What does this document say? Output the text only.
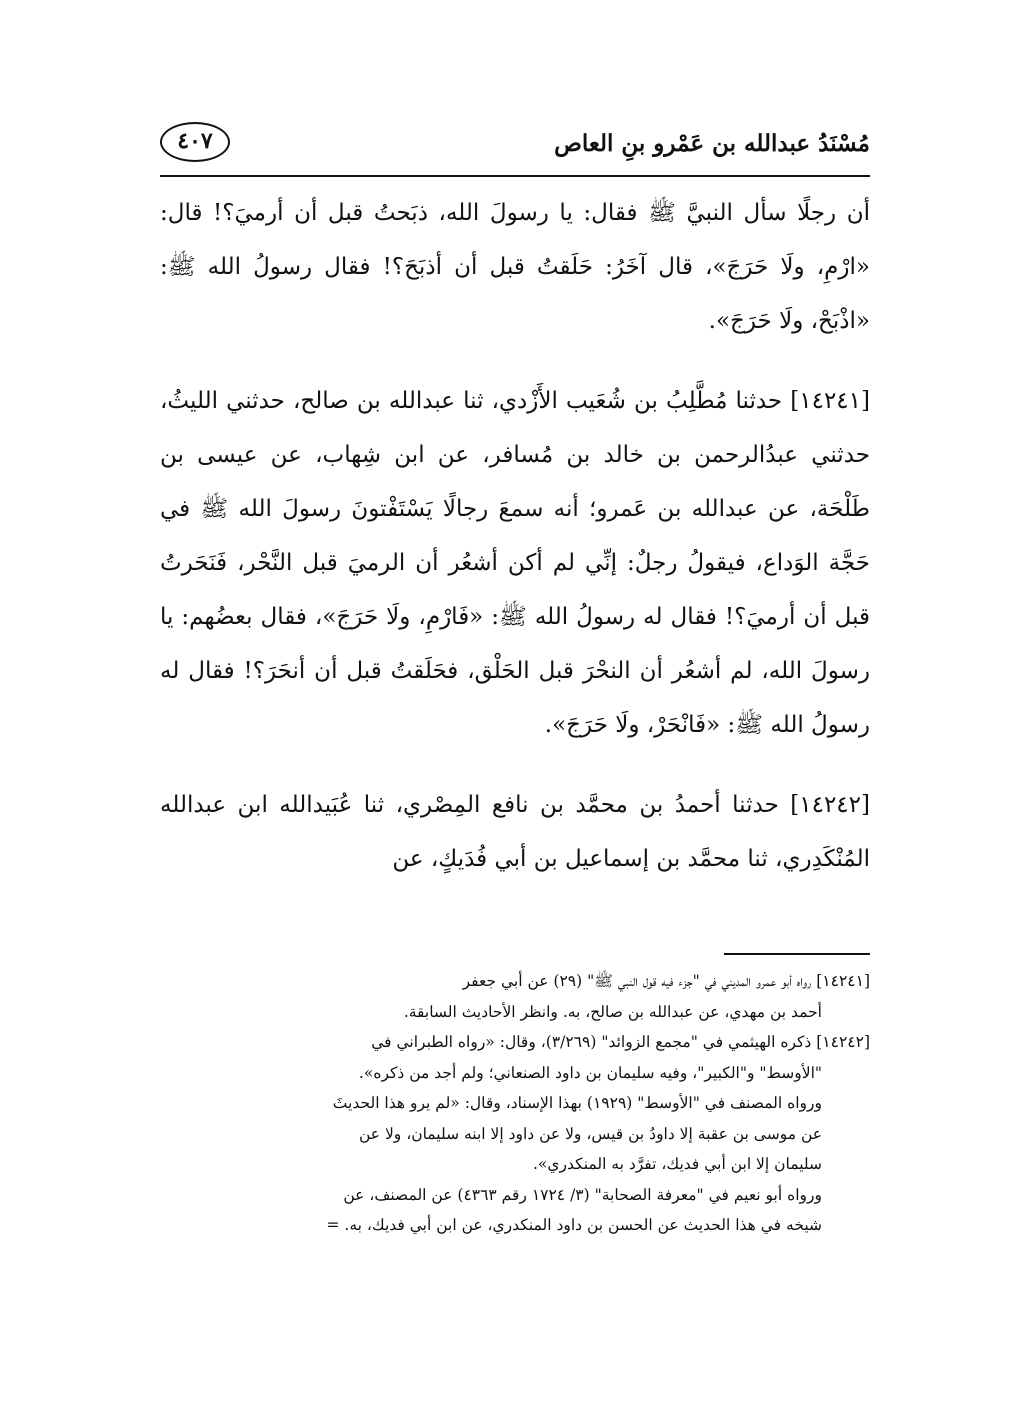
مُسْنَدُ عبدالله بن عَمْرو بنِ العاص
٤٠٧

أن رجلًا سأل النبيَّ ﷺ فقال: يا رسولَ الله، ذبَحتُ قبل أن أرميَ؟! قال: «ارْمِ، ولَا حَرَجَ»، قال آخَرُ: حَلَقتُ قبل أن أذبَحَ؟! فقال رسولُ الله ﷺ: «اذْبَحْ، ولَا حَرَجَ».

[١٤٢٤١] حدثنا مُطَّلِبُ بن شُعَيب الأَزْدي، ثنا عبدالله بن صالح، حدثني الليثُ، حدثني عبدُالرحمن بن خالد بن مُسافر، عن ابن شِهاب، عن عيسى بن طَلْحَة، عن عبدالله بن عَمرو؛ أنه سمعَ رجالًا يَسْتَفْتونَ رسولَ الله ﷺ في حَجَّة الوَداع، فيقولُ رجلٌ: إنِّي لم أكن أشعُر أن الرميَ قبل النَّحْر، فَنَحَرتُ قبل أن أرميَ؟! فقال له رسولُ الله ﷺ: «فَارْمِ، ولَا حَرَجَ»، فقال بعضُهم: يا رسولَ الله، لم أشعُر أن النحْرَ قبل الحَلْق، فحَلَقتُ قبل أن أنحَرَ؟! فقال له رسولُ الله ﷺ: «فَانْحَرْ، ولَا حَرَجَ».

[١٤٢٤٢] حدثنا أحمدُ بن محمَّد بن نافع المِصْري، ثنا عُبَيدالله ابن عبدالله المُنْكَدِري، ثنا محمَّد بن إسماعيل بن أبي فُدَيكٍ، عن

[١٤٢٤١] رواه أبو عمرو المديني في "جزء فيه قول النبي ﷺ" (٢٩) عن أبي جعفر

أحمد بن مهدي، عن عبدالله بن صالح، به. وانظر الأحاديث السابقة.

[١٤٢٤٢] ذكره الهيثمي في "مجمع الزوائد" (٣/٢٦٩)، وقال: «رواه الطبراني في

"الأوسط" و"الكبير"، وفيه سليمان بن داود الصنعاني؛ ولم أجد من ذكره».

ورواه المصنف في "الأوسط" (١٩٢٩) بهذا الإسناد، وقال: «لم يرو هذا الحديثَ

عن موسى بن عقبة إلا داودُ بن قيس، ولا عن داود إلا ابنه سليمان، ولا عن

سليمان إلا ابن أبي فديك، تفرَّد به المنكدري».

ورواه أبو نعيم في "معرفة الصحابة" (٣/ ١٧٢٤ رقم ٤٣٦٣) عن المصنف، عن

شيخه في هذا الحديث عن الحسن بن داود المنكدري، عن ابن أبي فديك، به. =
